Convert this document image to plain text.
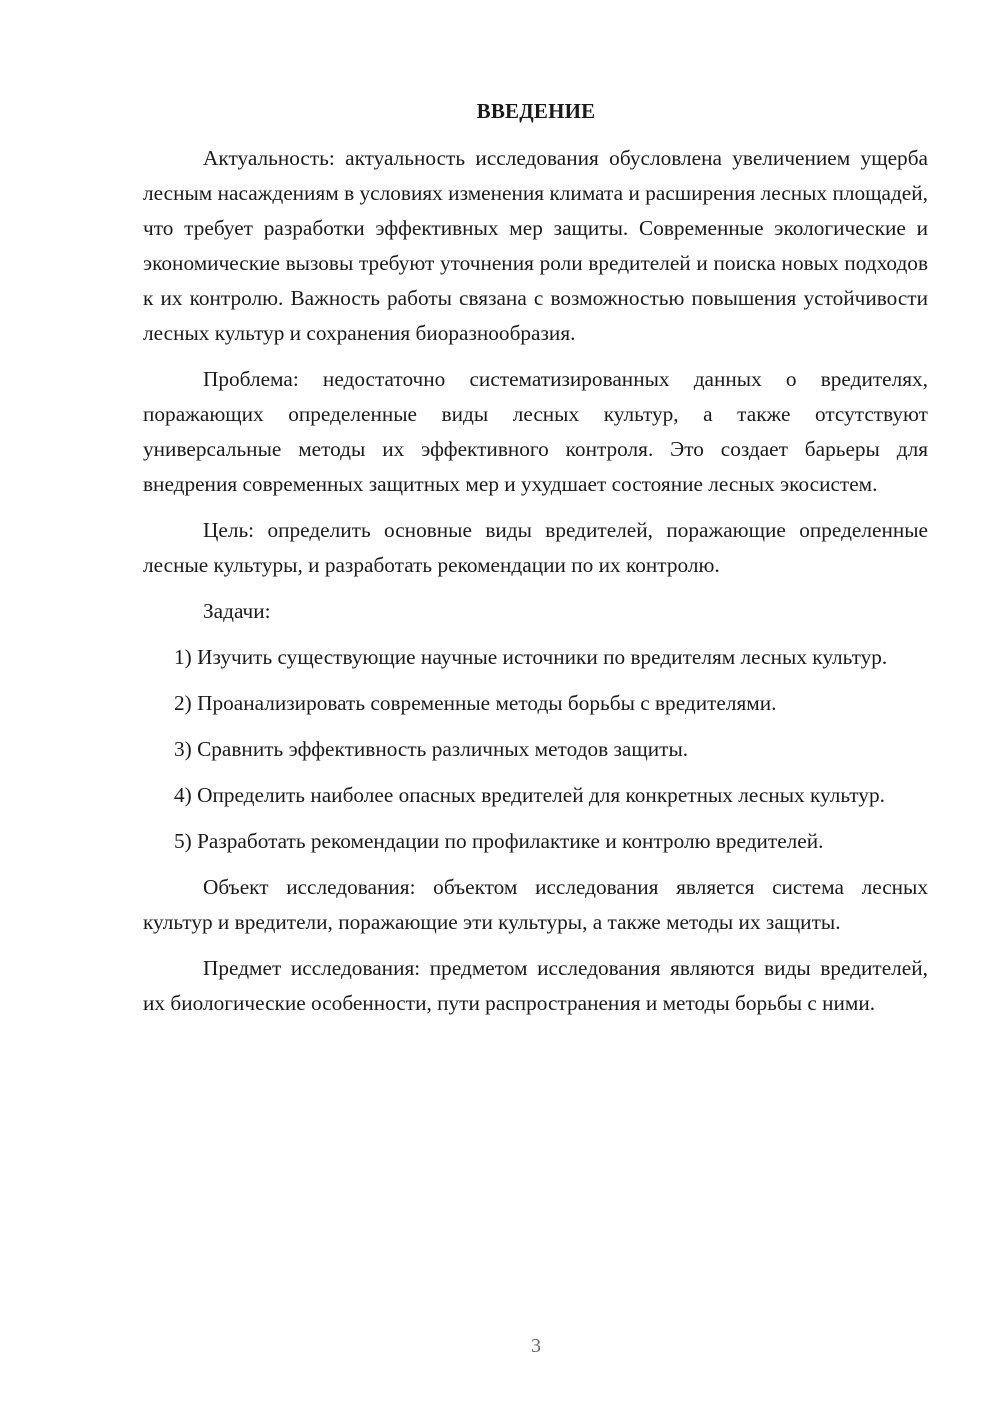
ВВЕДЕНИЕ

Актуальность: актуальность исследования обусловлена увеличением ущерба лесным насаждениям в условиях изменения климата и расширения лесных площадей, что требует разработки эффективных мер защиты. Современные экологические и экономические вызовы требуют уточнения роли вредителей и поиска новых подходов к их контролю. Важность работы связана с возможностью повышения устойчивости лесных культур и сохранения биоразнообразия.

Проблема: недостаточно систематизированных данных о вредителях, поражающих определенные виды лесных культур, а также отсутствуют универсальные методы их эффективного контроля. Это создает барьеры для внедрения современных защитных мер и ухудшает состояние лесных экосистем.

Цель: определить основные виды вредителей, поражающие определенные лесные культуры, и разработать рекомендации по их контролю.

Задачи:

1) Изучить существующие научные источники по вредителям лесных культур.

2) Проанализировать современные методы борьбы с вредителями.

3) Сравнить эффективность различных методов защиты.

4) Определить наиболее опасных вредителей для конкретных лесных культур.

5) Разработать рекомендации по профилактике и контролю вредителей.

Объект исследования: объектом исследования является система лесных культур и вредители, поражающие эти культуры, а также методы их защиты.

Предмет исследования: предметом исследования являются виды вредителей, их биологические особенности, пути распространения и методы борьбы с ними.

3
